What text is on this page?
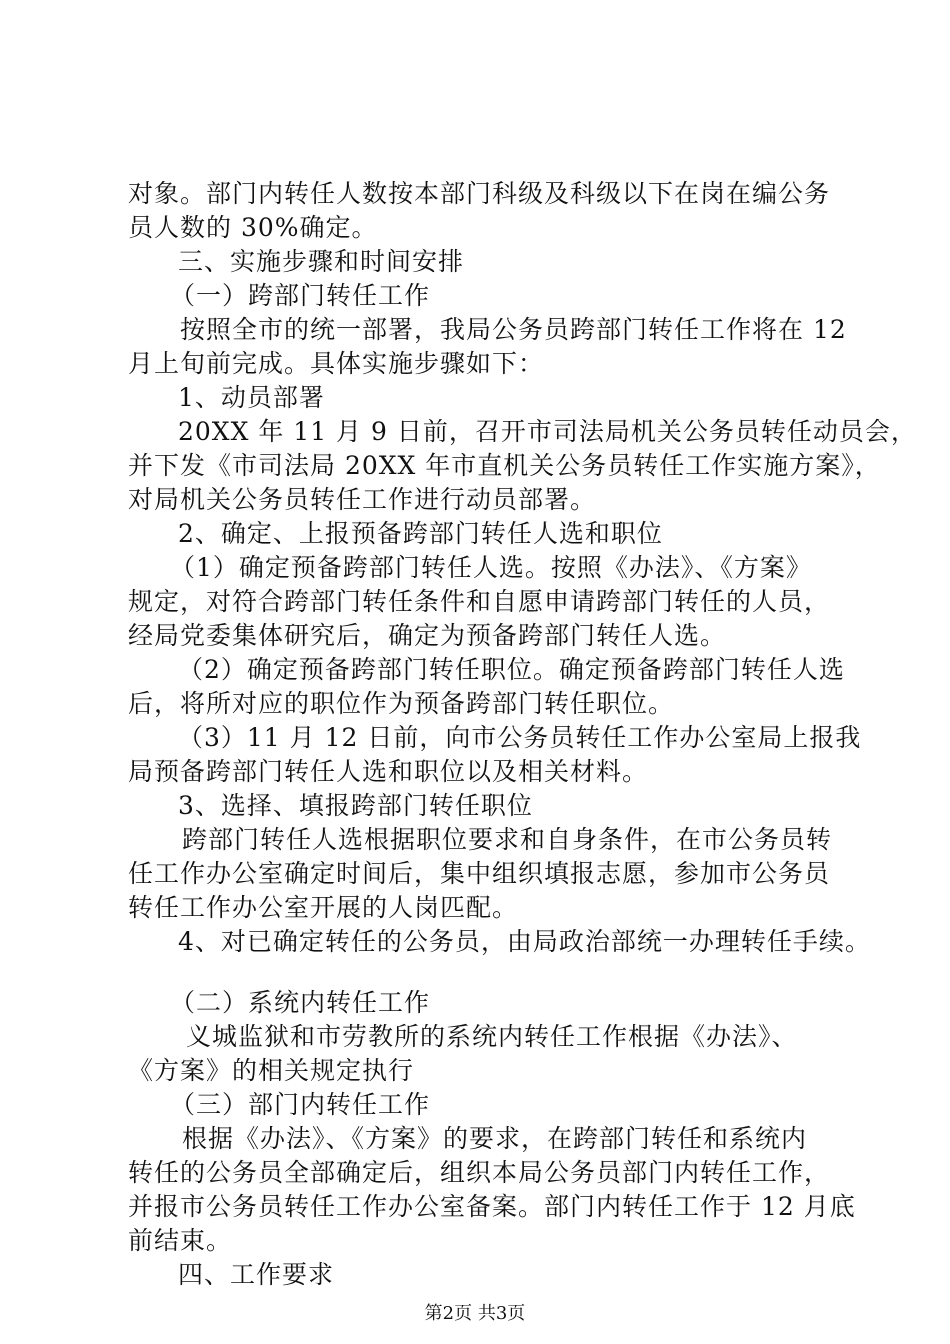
对象。部门内转任人数按本部门科级及科级以下在岗在编公务
员人数的 30%确定。
三、实施步骤和时间安排
（一）跨部门转任工作
按照全市的统一部署，我局公务员跨部门转任工作将在 12
月上旬前完成。具体实施步骤如下：
1、动员部署
20XX 年 11 月 9 日前，召开市司法局机关公务员转任动员会，
并下发《市司法局 20XX 年市直机关公务员转任工作实施方案》，
对局机关公务员转任工作进行动员部署。
2、确定、上报预备跨部门转任人选和职位
（1）确定预备跨部门转任人选。按照《办法》、《方案》
规定，对符合跨部门转任条件和自愿申请跨部门转任的人员，
经局党委集体研究后，确定为预备跨部门转任人选。
（2）确定预备跨部门转任职位。确定预备跨部门转任人选
后，将所对应的职位作为预备跨部门转任职位。
（3）11 月 12 日前，向市公务员转任工作办公室局上报我
局预备跨部门转任人选和职位以及相关材料。
3、选择、填报跨部门转任职位
跨部门转任人选根据职位要求和自身条件，在市公务员转
任工作办公室确定时间后，集中组织填报志愿，参加市公务员
转任工作办公室开展的人岗匹配。
4、对已确定转任的公务员，由局政治部统一办理转任手续。
（二）系统内转任工作
义城监狱和市劳教所的系统内转任工作根据《办法》、
《方案》的相关规定执行
（三）部门内转任工作
根据《办法》、《方案》的要求，在跨部门转任和系统内
转任的公务员全部确定后，组织本局公务员部门内转任工作，
并报市公务员转任工作办公室备案。部门内转任工作于 12 月底
前结束。
四、工作要求
第2页 共3页
